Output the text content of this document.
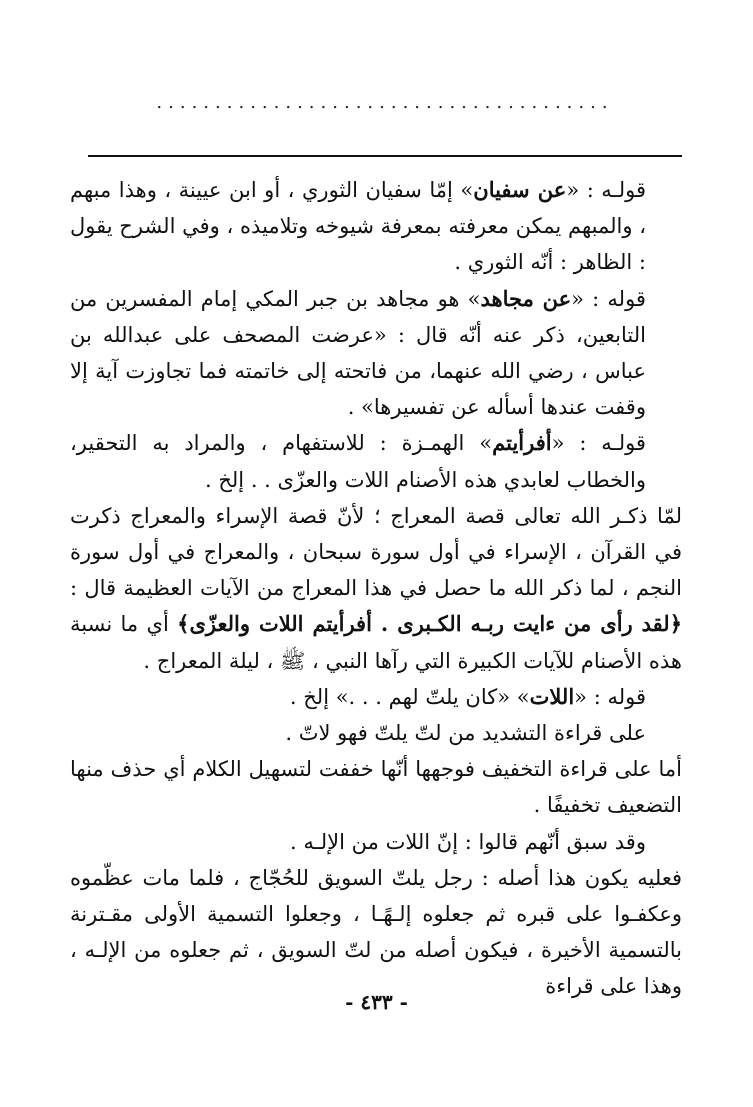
.......................................

قولـه : «عن سفيان» إمّا سفيان الثوري ، أو ابن عيينة ، وهذا مبهم ، والمبهم يمكن معرفته بمعرفة شيوخه وتلاميذه ، وفي الشرح يقول : الظاهر : أنّه الثوري .

قوله : «عن مجاهد» هو مجاهد بن جبر المكي إمام المفسرين من التابعين، ذكر عنه أنّه قال : «عرضت المصحف على عبدالله بن عباس ، رضي الله عنهما، من فاتحته إلى خاتمته فما تجاوزت آية إلا وقفت عندها أسأله عن تفسيرها» .

قولـه : «أفرأيتم» الهمـزة : للاستفهام ، والمراد به التحقير، والخطاب لعابدي هذه الأصنام اللات والعزّى . . إلخ .

لمّا ذكـر الله تعالى قصة المعراج ؛ لأنّ قصة الإسراء والمعراج ذكرت في القرآن ، الإسراء في أول سورة سبحان ، والمعراج في أول سورة النجم ، لما ذكر الله ما حصل في هذا المعراج من الآيات العظيمة قال : ﴿لقد رأى من ءايت ربـه الكـبرى . أفرأيتم اللات والعزّى﴾ أي ما نسبة هذه الأصنام للآيات الكبيرة التي رآها النبي ، ﷺ ، ليلة المعراج .

قوله : «اللات» «كان يلتّ لهم . . .» إلخ .

على قراءة التشديد من لتّ يلتّ فهو لاتّ .

أما على قراءة التخفيف فوجهها أنّها خففت لتسهيل الكلام أي حذف منها التضعيف تخفيفًا .

وقد سبق أنّهم قالوا : إنّ اللات من الإلـه .

فعليه يكون هذا أصله : رجل يلتّ السويق للحُجّاج ، فلما مات عظّموه وعكفـوا على قبره ثم جعلوه إلـهًـا ، وجعلوا التسمية الأولى مقـترنة بالتسمية الأخيرة ، فيكون أصله من لتّ السويق ، ثم جعلوه من الإلـه ، وهذا على قراءة

- ٤٣٣ -
